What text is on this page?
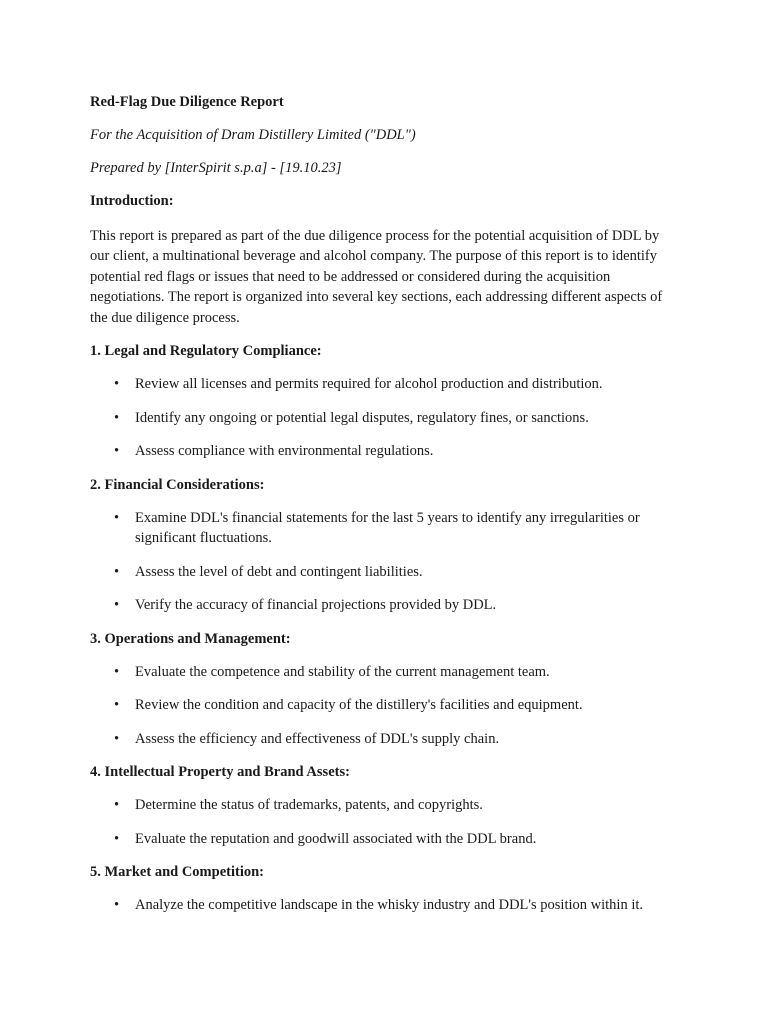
Red-Flag Due Diligence Report

For the Acquisition of Dram Distillery Limited ("DDL")

Prepared by [InterSpirit s.p.a] - [19.10.23]

Introduction:

This report is prepared as part of the due diligence process for the potential acquisition of DDL by our client, a multinational beverage and alcohol company. The purpose of this report is to identify potential red flags or issues that need to be addressed or considered during the acquisition negotiations. The report is organized into several key sections, each addressing different aspects of the due diligence process.

1. Legal and Regulatory Compliance:

• Review all licenses and permits required for alcohol production and distribution.
• Identify any ongoing or potential legal disputes, regulatory fines, or sanctions.
• Assess compliance with environmental regulations.

2. Financial Considerations:

• Examine DDL's financial statements for the last 5 years to identify any irregularities or significant fluctuations.
• Assess the level of debt and contingent liabilities.
• Verify the accuracy of financial projections provided by DDL.

3. Operations and Management:

• Evaluate the competence and stability of the current management team.
• Review the condition and capacity of the distillery's facilities and equipment.
• Assess the efficiency and effectiveness of DDL's supply chain.

4. Intellectual Property and Brand Assets:

• Determine the status of trademarks, patents, and copyrights.
• Evaluate the reputation and goodwill associated with the DDL brand.

5. Market and Competition:

• Analyze the competitive landscape in the whisky industry and DDL's position within it.
